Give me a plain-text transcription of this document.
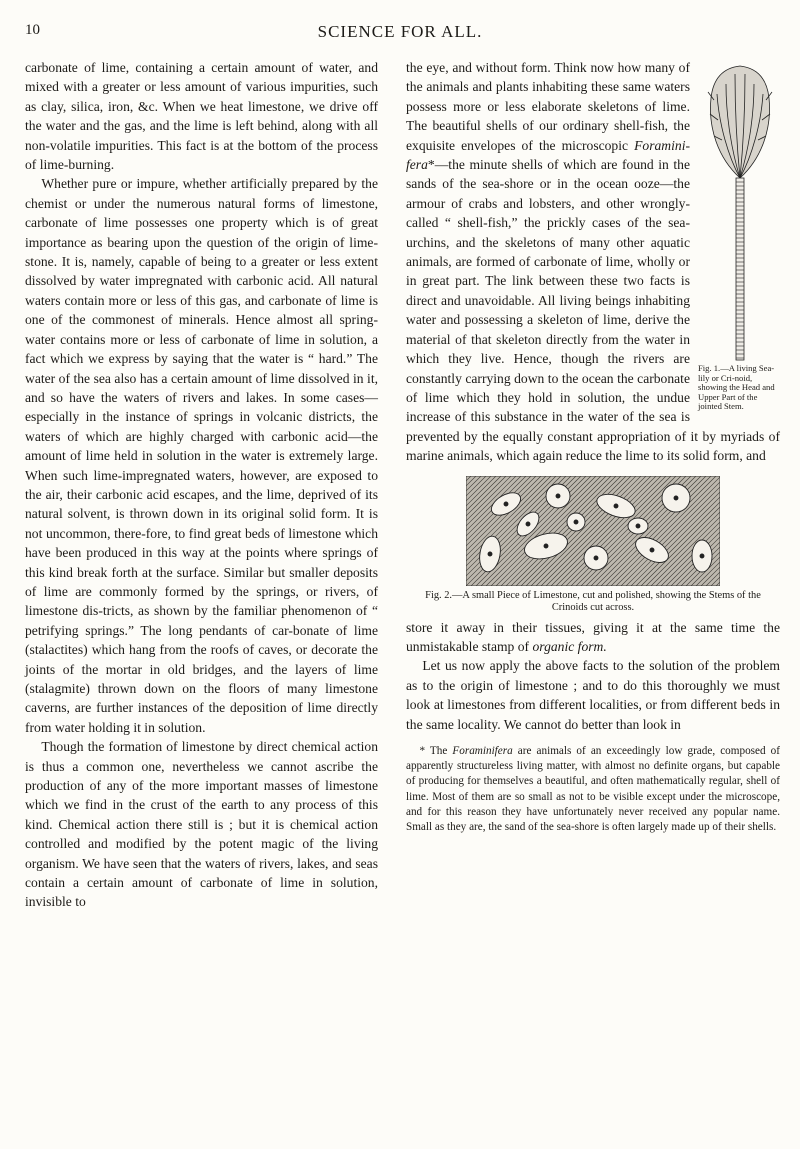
10	SCIENCE FOR ALL.

carbonate of lime, containing a certain amount of water, and mixed with a greater or less amount of various impurities, such as clay, silica, iron, &c. When we heat limestone, we drive off the water and the gas, and the lime is left behind, along with all non-volatile impurities. This fact is at the bottom of the process of lime-burning.

Whether pure or impure, whether artificially prepared by the chemist or under the numerous natural forms of limestone, carbonate of lime possesses one property which is of great importance as bearing upon the question of the origin of lime-stone. It is, namely, capable of being to a greater or less extent dissolved by water impregnated with carbonic acid. All natural waters contain more or less of this gas, and carbonate of lime is one of the commonest of minerals. Hence almost all spring-water contains more or less of carbonate of lime in solution, a fact which we express by saying that the water is “ hard.” The water of the sea also has a certain amount of lime dissolved in it, and so have the waters of rivers and lakes. In some cases— especially in the instance of springs in volcanic districts, the waters of which are highly charged with carbonic acid—the amount of lime held in solution in the water is extremely large. When such lime-impregnated waters, however, are exposed to the air, their carbonic acid escapes, and the lime, deprived of its natural solvent, is thrown down in its original solid form. It is not uncommon, there-fore, to find great beds of limestone which have been produced in this way at the points where springs of this kind break forth at the surface. Similar but smaller deposits of lime are commonly formed by the springs, or rivers, of limestone dis-tricts, as shown by the familiar phenomenon of “ petrifying springs.” The long pendants of car-bonate of lime (stalactites) which hang from the roofs of caves, or decorate the joints of the mortar in old bridges, and the layers of lime (stalagmite) thrown down on the floors of many limestone caverns, are further instances of the deposition of lime directly from water holding it in solution.

Though the formation of limestone by direct chemical action is thus a common one, nevertheless we cannot ascribe the production of any of the more important masses of limestone which we find in the crust of the earth to any process of this kind. Chemical action there still is ; but it is chemical action controlled and modified by the potent magic of the living organism. We have seen that the waters of rivers, lakes, and seas contain a certain amount of carbonate of lime in solution, invisible to

Fig. 1.—A living Sea-lily or Cri-noid, showing the Head and Upper Part of the jointed Stem.

the eye, and without form. Think now how many of the animals and plants inhabiting these same waters possess more or less elaborate skeletons of lime. The beautiful shells of our ordinary shell-fish, the exquisite envelopes of the microscopic Foramini-fera*—the minute shells of which are found in the sands of the sea-shore or in the ocean ooze—the armour of crabs and lobsters, and other wrongly-called “ shell-fish,” the prickly cases of the sea-urchins, and the skeletons of many other aquatic animals, are formed of carbonate of lime, wholly or in great part. The link between these two facts is direct and unavoidable. All living beings inhabiting water and possessing a skeleton of lime, derive the material of that skeleton directly from the water in which they live. Hence, though the rivers are constantly carrying down to the ocean the carbonate of lime which they hold in solution, the undue increase of this substance in the water of the sea is prevented by the equally constant appropriation of it by myriads of marine animals, which again reduce the lime to its solid form, and

Fig. 2.—A small Piece of Limestone, cut and polished, showing the Stems of the Crinoids cut across.

store it away in their tissues, giving it at the same time the unmistakable stamp of organic form.

Let us now apply the above facts to the solution of the problem as to the origin of limestone ; and to do this thoroughly we must look at limestones from different localities, or from different beds in the same locality. We cannot do better than look in

* The Foraminifera are animals of an exceedingly low grade, composed of apparently structureless living matter, with almost no definite organs, but capable of producing for themselves a beautiful, and often mathematically regular, shell of lime. Most of them are so small as not to be visible except under the microscope, and for this reason they have unfortunately never received any popular name. Small as they are, the sand of the sea-shore is often largely made up of their shells.
